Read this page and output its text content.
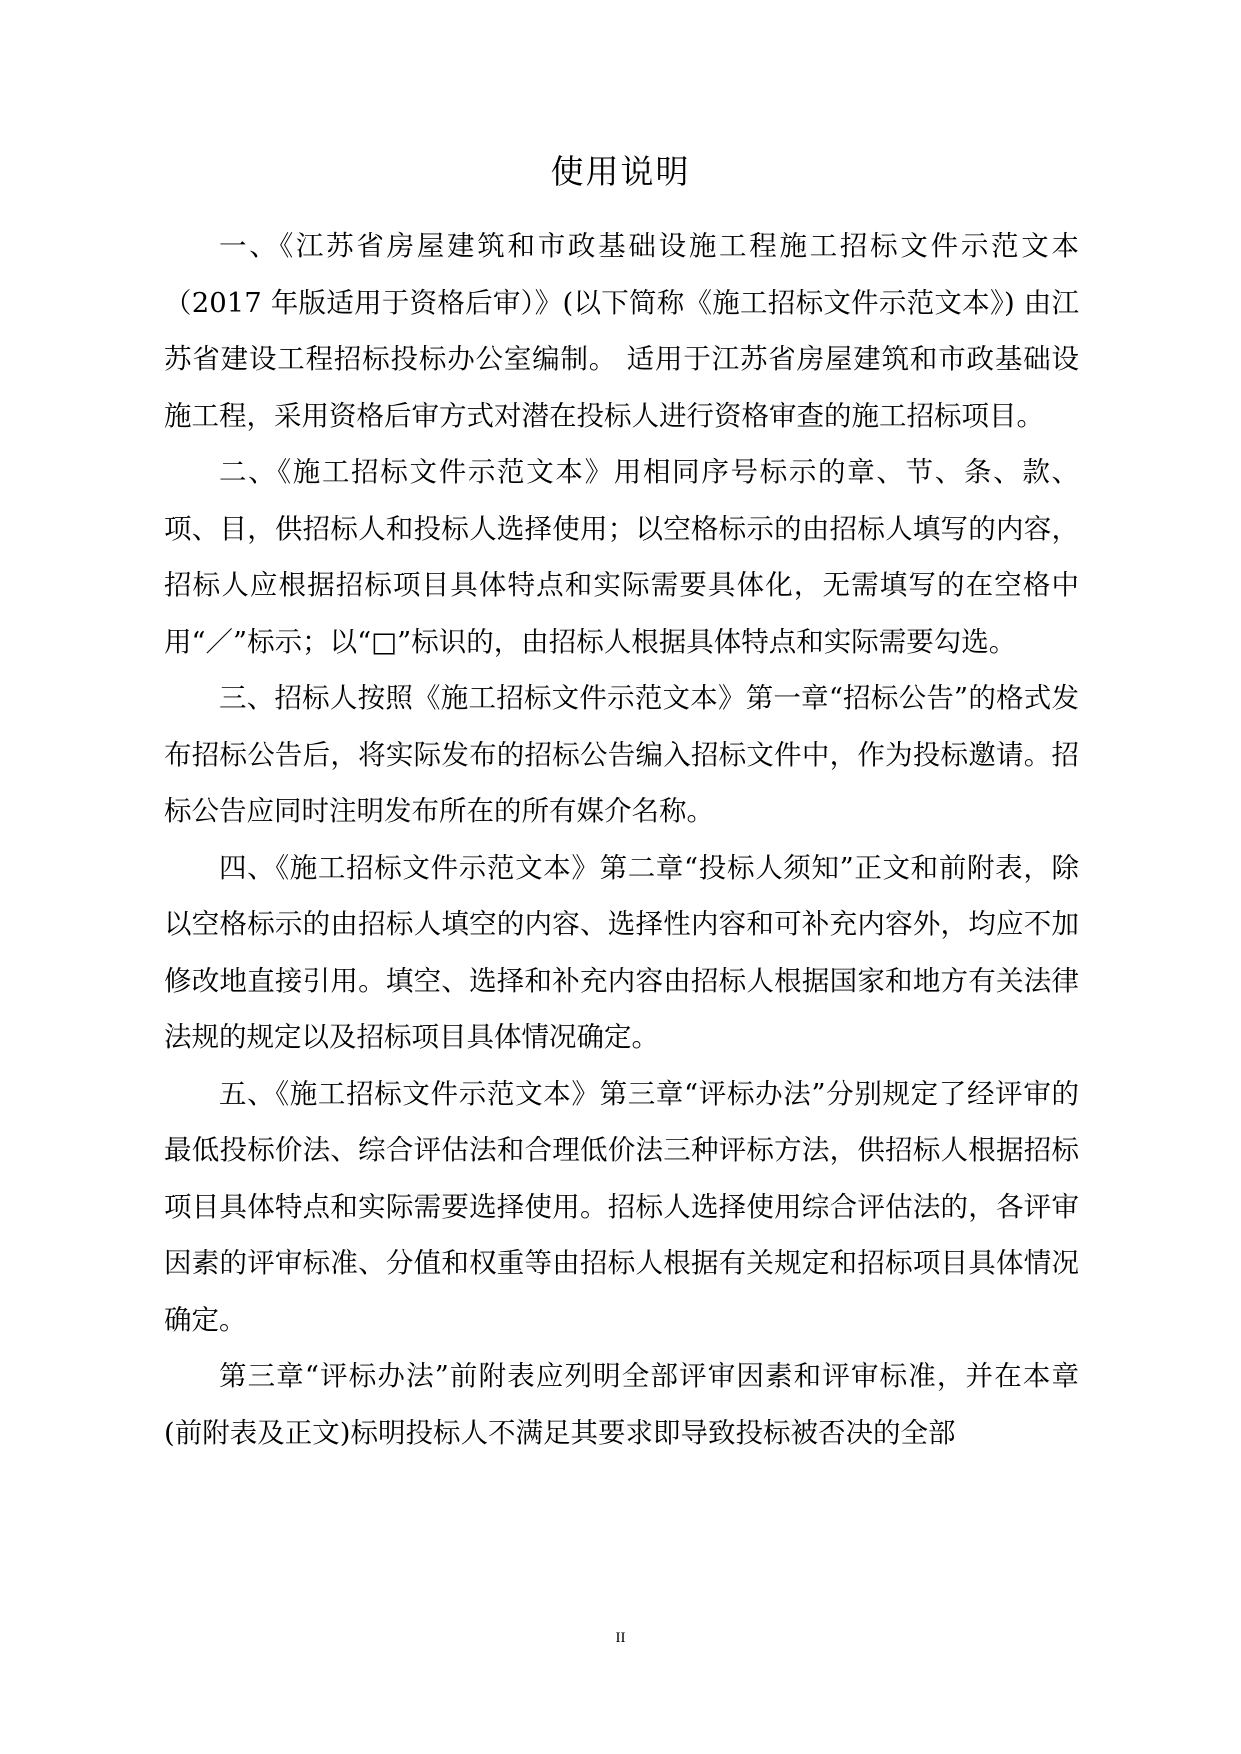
使用说明

一、《江苏省房屋建筑和市政基础设施工程施工招标文件示范文本（2017 年版适用于资格后审）》(以下简称《施工招标文件示范文本》) 由江苏省建设工程招标投标办公室编制。 适用于江苏省房屋建筑和市政基础设施工程，采用资格后审方式对潜在投标人进行资格审查的施工招标项目。

二、《施工招标文件示范文本》用相同序号标示的章、节、条、款、项、目，供招标人和投标人选择使用；以空格标示的由招标人填写的内容，招标人应根据招标项目具体特点和实际需要具体化，无需填写的在空格中用“／”标示；以“□”标识的，由招标人根据具体特点和实际需要勾选。

三、招标人按照《施工招标文件示范文本》第一章“招标公告”的格式发布招标公告后，将实际发布的招标公告编入招标文件中，作为投标邀请。招标公告应同时注明发布所在的所有媒介名称。

四、《施工招标文件示范文本》第二章“投标人须知”正文和前附表，除以空格标示的由招标人填空的内容、选择性内容和可补充内容外，均应不加修改地直接引用。填空、选择和补充内容由招标人根据国家和地方有关法律法规的规定以及招标项目具体情况确定。

五、《施工招标文件示范文本》第三章“评标办法”分别规定了经评审的最低投标价法、综合评估法和合理低价法三种评标方法，供招标人根据招标项目具体特点和实际需要选择使用。招标人选择使用综合评估法的，各评审因素的评审标准、分值和权重等由招标人根据有关规定和招标项目具体情况确定。

第三章“评标办法”前附表应列明全部评审因素和评审标准，并在本章(前附表及正文)标明投标人不满足其要求即导致投标被否决的全部

II
